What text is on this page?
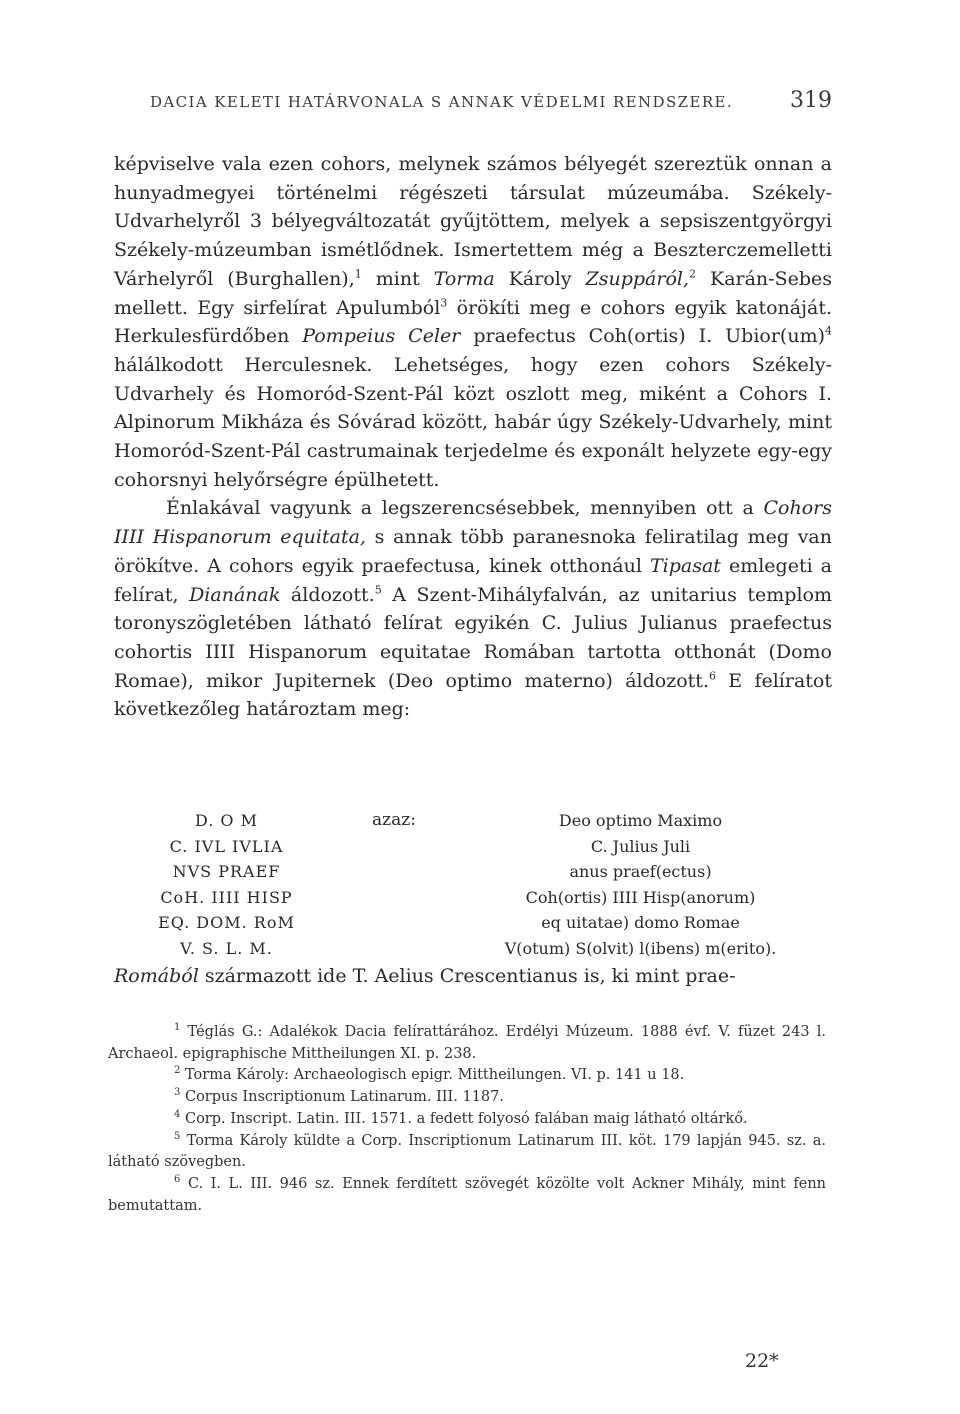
DACIA KELETI HATÁRVONALA S ANNAK VÉDELMI RENDSZERE.	319

képviselve vala ezen cohors, melynek számos bélyegét szereztük onnan a hunyadmegyei történelmi régészeti társulat múzeumába. Székely-Udvarhelyről 3 bélyegváltozatát gyűjtöttem, melyek a sepsiszentgyörgyi Székely-múzeumban ismétlődnek. Ismertettem még a Beszterczemelletti Várhelyről (Burghallen),$^1$ mint Torma Károly Zsuppáról,$^2$ Karán-Sebes mellett. Egy sirfelírat Apulumból$^3$ örökíti meg e cohors egyik katonáját. Herkulesfürdőben Pompeius Celer praefectus Coh(ortis) I. Ubior(um)$^4$ hálálkodott Herculesnek. Lehetséges, hogy ezen cohors Székely-Udvarhely és Homoród-Szent-Pál közt oszlott meg, miként a Cohors I. Alpinorum Mikháza és Sóvárad között, habár úgy Székely-Udvarhely, mint Homoród-Szent-Pál castrumainak terjedelme és exponált helyzete egy-egy cohorsnyi helyőrségre épülhetett.

Énlakával vagyunk a legszerencsésebbek, mennyiben ott a Cohors IIII Hispanorum equitata, s annak több paranesnoka feliratilag meg van örökítve. A cohors egyik praefectusa, kinek otthonául Tipasat emlegeti a felírat, Dianának áldozott.$^5$ A Szent-Mihályfalván, az unitarius templom toronyszögletében látható felírat egyikén C. Julius Julianus praefectus cohortis IIII Hispanorum equitatae Romában tartotta otthonát (Domo Romae), mikor Jupiternek (Deo optimo materno) áldozott.$^6$ E felíratot következőleg határoztam meg:

D. O M	azaz:	Deo optimo Maximo
C. IVL IVLIA	C. Julius Juli
NVS PRAEF	anus praef(ectus)
CoH. IIII HISP	Coh(ortis) IIII Hisp(anorum)
EQ. DOM. RoM	eq uitatae) domo Romae
V. S. L. M.	V(otum) S(olvit) l(ibens) m(erito).

Romából származott ide T. Aelius Crescentianus is, ki mint prae-

$^1$ Téglás G.: Adalékok Dacia felírattárához. Erdélyi Múzeum. 1888 évf. V. füzet 243 l. Archaeol. epigraphische Mittheilungen XI. p. 238.

$^2$ Torma Károly: Archaeologisch epigr. Mittheilungen. VI. p. 141 u 18.

$^3$ Corpus Inscriptionum Latinarum. III. 1187.

$^4$ Corp. Inscript. Latin. III. 1571. a fedett folyosó falában maig látható oltárkő.

$^5$ Torma Károly küldte a Corp. Inscriptionum Latinarum III. köt. 179 lapján 945. sz. a. látható szövegben.

$^6$ C. I. L. III. 946 sz. Ennek ferdített szövegét közölte volt Ackner Mihály, mint fenn bemutattam.

22*
